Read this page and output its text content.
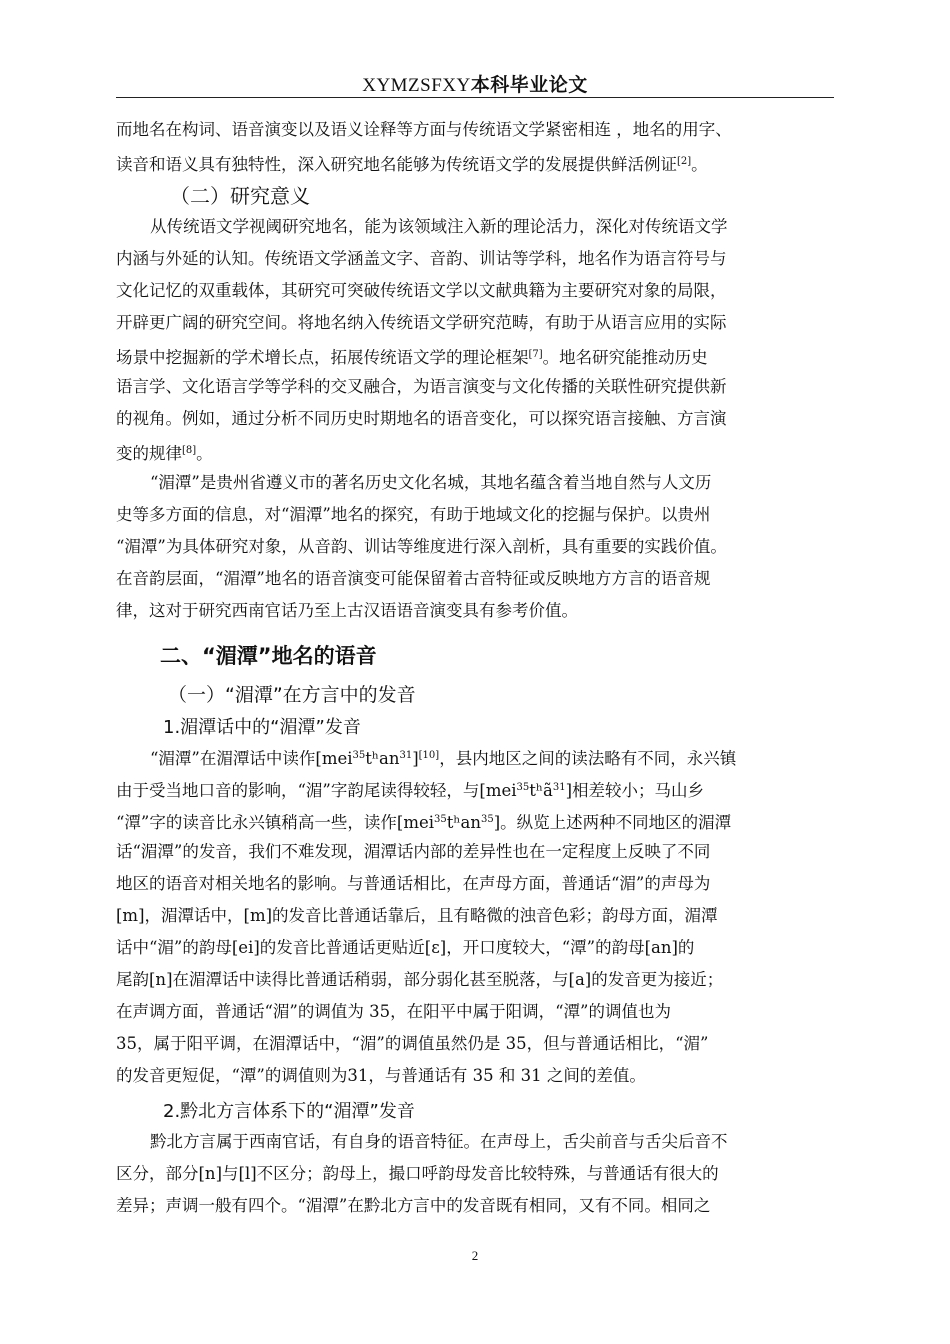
XYMZSFXY本科毕业论文
而地名在构词、语音演变以及语义诠释等方面与传统语文学紧密相连 ，地名的用字、
读音和语义具有独特性，深入研究地名能够为传统语文学的发展提供鲜活例证[2]。
（二）研究意义
从传统语文学视阈研究地名，能为该领域注入新的理论活力，深化对传统语文学
内涵与外延的认知。传统语文学涵盖文字、音韵、训诂等学科，地名作为语言符号与
文化记忆的双重载体，其研究可突破传统语文学以文献典籍为主要研究对象的局限，
开辟更广阔的研究空间。将地名纳入传统语文学研究范畴，有助于从语言应用的实际
场景中挖掘新的学术增长点，拓展传统语文学的理论框架[7]。地名研究能推动历史
语言学、文化语言学等学科的交叉融合，为语言演变与文化传播的关联性研究提供新
的视角。例如，通过分析不同历史时期地名的语音变化，可以探究语言接触、方言演
变的规律[8]。
“湄潭”是贵州省遵义市的著名历史文化名城，其地名蕴含着当地自然与人文历
史等多方面的信息，对“湄潭”地名的探究，有助于地域文化的挖掘与保护。以贵州
“湄潭”为具体研究对象，从音韵、训诂等维度进行深入剖析，具有重要的实践价值。
在音韵层面，“湄潭”地名的语音演变可能保留着古音特征或反映地方方言的语音规
律，这对于研究西南官话乃至上古汉语语音演变具有参考价值。
二、“湄潭”地名的语音
（一）“湄潭”在方言中的发音
1.湄潭话中的“湄潭”发音
“湄潭”在湄潭话中读作[mei$^{35}$tʰan$^{31}$][10]，县内地区之间的读法略有不同，永兴镇
由于受当地口音的影响，“湄”字韵尾读得较轻，与[mei$^{35}$tʰã$^{31}$]相差较小；马山乡
“潭”字的读音比永兴镇稍高一些，读作[mei$^{35}$tʰan$^{35}$]。纵览上述两种不同地区的湄潭
话“湄潭”的发音，我们不难发现，湄潭话内部的差异性也在一定程度上反映了不同
地区的语音对相关地名的影响。与普通话相比，在声母方面，普通话“湄”的声母为
[m]，湄潭话中，[m]的发音比普通话靠后，且有略微的浊音色彩；韵母方面，湄潭
话中“湄”的韵母[ei]的发音比普通话更贴近[ɛ]，开口度较大，“潭”的韵母[an]的
尾韵[n]在湄潭话中读得比普通话稍弱，部分弱化甚至脱落，与[a]的发音更为接近；
在声调方面，普通话“湄”的调值为 35，在阳平中属于阳调，“潭”的调值也为
35，属于阳平调，在湄潭话中，“湄”的调值虽然仍是 35，但与普通话相比，“湄”
的发音更短促，“潭”的调值则为31，与普通话有 35 和 31 之间的差值。
2.黔北方言体系下的“湄潭”发音
黔北方言属于西南官话，有自身的语音特征。在声母上，舌尖前音与舌尖后音不
区分，部分[n]与[l]不区分；韵母上，撮口呼韵母发音比较特殊，与普通话有很大的
差异；声调一般有四个。“湄潭”在黔北方言中的发音既有相同，又有不同。相同之
2
